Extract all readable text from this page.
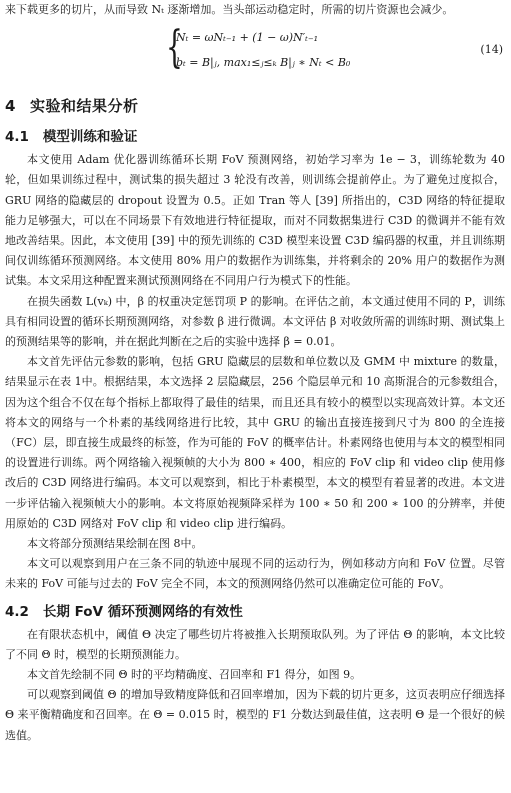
来下载更多的切片，从而导致 Nₜ 逐渐增加。当头部运动稳定时，所需的切片资源也会减少。

{
Nₜ = ωNₜ₋₁ + (1 − ω)N′ₜ₋₁
bₜ = B|ⱼ, max₁≤ⱼ≤ₖ B|ⱼ ∗ Nₜ < B₀
(14)
4 实验和结果分析
4.1 模型训练和验证

本文使用 Adam 优化器训练循环长期 FoV 预测网络，初始学习率为 1e − 3，训练轮数为 40 轮，但如果训练过程中，测试集的损失超过 3 轮没有改善，则训练会提前停止。为了避免过度拟合，GRU 网络的隐藏层的 dropout 设置为 0.5。正如 Tran 等人 [39] 所指出的，C3D 网络的特征提取能力足够强大，可以在不同场景下有效地进行特征提取，而对不同数据集进行 C3D 的微调并不能有效地改善结果。因此，本文使用 [39] 中的预先训练的 C3D 模型来设置 C3D 编码器的权重，并且训练期间仅训练循环预测网络。本文使用 80% 用户的数据作为训练集，并将剩余的 20% 用户的数据作为测试集。本文采用这种配置来测试预测网络在不同用户行为模式下的性能。

在损失函数 L(vₖ) 中，β 的权重决定惩罚项 P 的影响。在评估之前，本文通过使用不同的 P，训练具有相同设置的循环长期预测网络，对参数 β 进行微调。本文评估 β 对收敛所需的训练时期、测试集上的预测结果等的影响，并在据此判断在之后的实验中选择 β = 0.01。

本文首先评估元参数的影响，包括 GRU 隐藏层的层数和单位数以及 GMM 中 mixture 的数量，结果显示在表 1中。根据结果，本文选择 2 层隐藏层，256 个隐层单元和 10 高斯混合的元参数组合，因为这个组合不仅在每个指标上都取得了最佳的结果，而且还具有较小的模型以实现高效计算。本文还将本文的网络与一个朴素的基线网络进行比较，其中 GRU 的输出直接连接到尺寸为 800 的全连接（FC）层，即直接生成最终的标签，作为可能的 FoV 的概率估计。朴素网络也使用与本文的模型相同的设置进行训练。两个网络输入视频帧的大小为 800 ∗ 400，相应的 FoV clip 和 video clip 使用修改后的 C3D 网络进行编码。本文可以观察到，相比于朴素模型，本文的模型有着显著的改进。本文进一步评估输入视频帧大小的影响。本文将原始视频降采样为 100 ∗ 50 和 200 ∗ 100 的分辨率，并使用原始的 C3D 网络对 FoV clip 和 video clip 进行编码。

本文将部分预测结果绘制在图 8中。

本文可以观察到用户在三条不同的轨迹中展现不同的运动行为，例如移动方向和 FoV 位置。尽管未来的 FoV 可能与过去的 FoV 完全不同，本文的预测网络仍然可以准确定位可能的 FoV。

4.2 长期 FoV 循环预测网络的有效性

在有限状态机中，阈值 Θ 决定了哪些切片将被推入长期预取队列。为了评估 Θ 的影响，本文比较了不同 Θ 时，模型的长期预测能力。

本文首先绘制不同 Θ 时的平均精确度、召回率和 F1 得分，如图 9。

可以观察到阈值 Θ 的增加导致精度降低和召回率增加，因为下载的切片更多，这页表明应仔细选择 Θ 来平衡精确度和召回率。在 Θ = 0.015 时，模型的 F1 分数达到最佳值，这表明 Θ 是一个很好的候选值。
